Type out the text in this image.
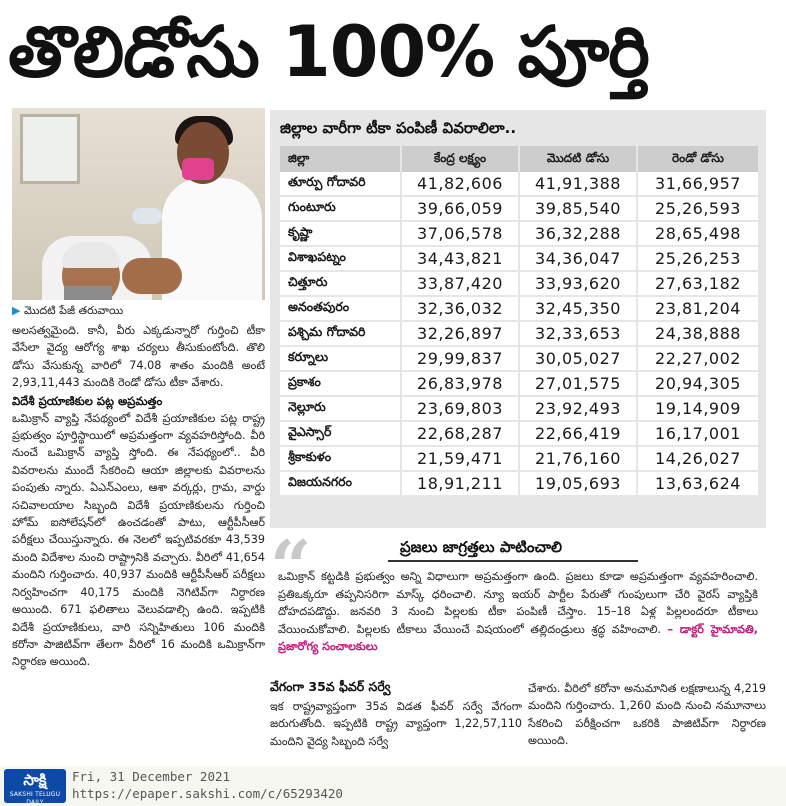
తొలిడోసు 100% పూర్తి
▶ మొదటి పేజీ తరువాయి

అలసత్వమైంది. కానీ, వీరు ఎక్కడున్నారో గుర్తించి టీకా వేసేలా వైద్య ఆరోగ్య శాఖ చర్యలు తీసుకుంటోంది. తొలి డోసు వేసుకున్న వారిలో 74.08 శాతం మందికి అంటే 2,93,11,443 మందికి రెండో డోసు టీకా వేశారు.

విదేశీ ప్రయాణికుల పట్ల అప్రమత్తం

ఒమిక్రాన్ వ్యాప్తి నేపథ్యంలో విదేశీ ప్రయాణికుల పట్ల రాష్ట్ర ప్రభుత్వం పూర్తిస్థాయిలో అప్రమత్తంగా వ్యవహరిస్తోంది. వీరి నుంచే ఒమిక్రాన్ వ్యాప్తి స్తోంది. ఈ నేపథ్యంలో.. వీరి వివరాలను ముందే సేకరించి ఆయా జిల్లాలకు వివరాలను పంపుతు న్నారు. ఏఎన్ఎంలు, ఆశా వర్కర్లు, గ్రామ, వార్డు సచివాలయాల సిబ్బంది విదేశీ ప్రయాణికులను గుర్తించి హోమ్ ఐసోలేషన్‌లో ఉంచడంతో పాటు, ఆర్టీపీసీఆర్ పరీక్షలు చేయిస్తున్నారు. ఈ నెలలో ఇప్పటివరకూ 43,539 మంది విదేశాల నుంచి రాష్ట్రానికి వచ్చారు. వీరిలో 41,654 మందిని గుర్తించారు. 40,937 మందికి ఆర్టీపీసీఆర్ పరీక్షలు నిర్వహించగా 40,175 మందికి నెగిటివ్‌గా నిర్ధారణ అయింది. 671 ఫలితాలు వెలువడాల్సి ఉంది. ఇప్పటికి విదేశీ ప్రయాణికులు, వారి సన్నిహితులు 106 మందికి కరోనా పాజిటివ్‌గా తేలగా వీరిలో 16 మందికి ఒమిక్రాన్‌గా నిర్ధారణ అయింది.

జిల్లాల వారీగా టీకా పంపిణీ వివరాలిలా..
జిల్లా	కేంద్ర లక్ష్యం	మొదటి డోసు	రెండో డోసు
తూర్పు గోదావరి	41,82,606	41,91,388	31,66,957
గుంటూరు	39,66,059	39,85,540	25,26,593
కృష్ణా	37,06,578	36,32,288	28,65,498
విశాఖపట్నం	34,43,821	34,36,047	25,26,253
చిత్తూరు	33,87,420	33,93,620	27,63,182
అనంతపురం	32,36,032	32,45,350	23,81,204
పశ్చిమ గోదావరి	32,26,897	32,33,653	24,38,888
కర్నూలు	29,99,837	30,05,027	22,27,002
ప్రకాశం	26,83,978	27,01,575	20,94,305
నెల్లూరు	23,69,803	23,92,493	19,14,909
వైఎస్సార్	22,68,287	22,66,419	16,17,001
శ్రీకాకుళం	21,59,471	21,76,160	14,26,027
విజయనగరం	18,91,211	19,05,693	13,63,624
“	ప్రజలు జాగ్రత్తలు పాటించాలి
ఒమిక్రాన్ కట్టడికి ప్రభుత్వం అన్ని విధాలుగా అప్రమత్తంగా ఉంది. ప్రజలు కూడా అప్రమత్తంగా వ్యవహరించాలి. ప్రతిఒక్కరూ తప్పనిసరిగా మాస్క్ ధరించాలి. న్యూ ఇయర్ పార్టీల పేరుతో గుంపులుగా చేరి వైరస్ వ్యాప్తికి దోహదపడొద్దు. జనవరి 3 నుంచి పిల్లలకు టీకా పంపిణీ చేస్తాం. 15–18 ఏళ్ల పిల్లలందరూ టీకాలు వేయించుకోవాలి. పిల్లలకు టీకాలు వేయించే విషయంలో తల్లిదండ్రులు శ్రద్ధ వహించాలి. – డాక్టర్ హైమావతి, ప్రజారోగ్య సంచాలకులు
వేగంగా 35వ ఫీవర్ సర్వే
ఇక రాష్ట్రవ్యాప్తంగా 35వ విడత ఫీవర్ సర్వే వేగంగా జరుగుతోంది. ఇప్పటికి రాష్ట్ర వ్యాప్తంగా 1,22,57,110 మందిని వైద్య సిబ్బంది సర్వే
చేశారు. వీరిలో కరోనా అనుమానిత లక్షణాలున్న 4,219 మందిని గుర్తించారు. 1,260 మంది నుంచి నమూనాలు సేకరించి పరీక్షించగా ఒకరికి పాజిటివ్‌గా నిర్ధారణ అయింది.
సాక్షి
SAKSHI TELUGU DAILY
Fri, 31 December 2021
https://epaper.sakshi.com/c/65293420
